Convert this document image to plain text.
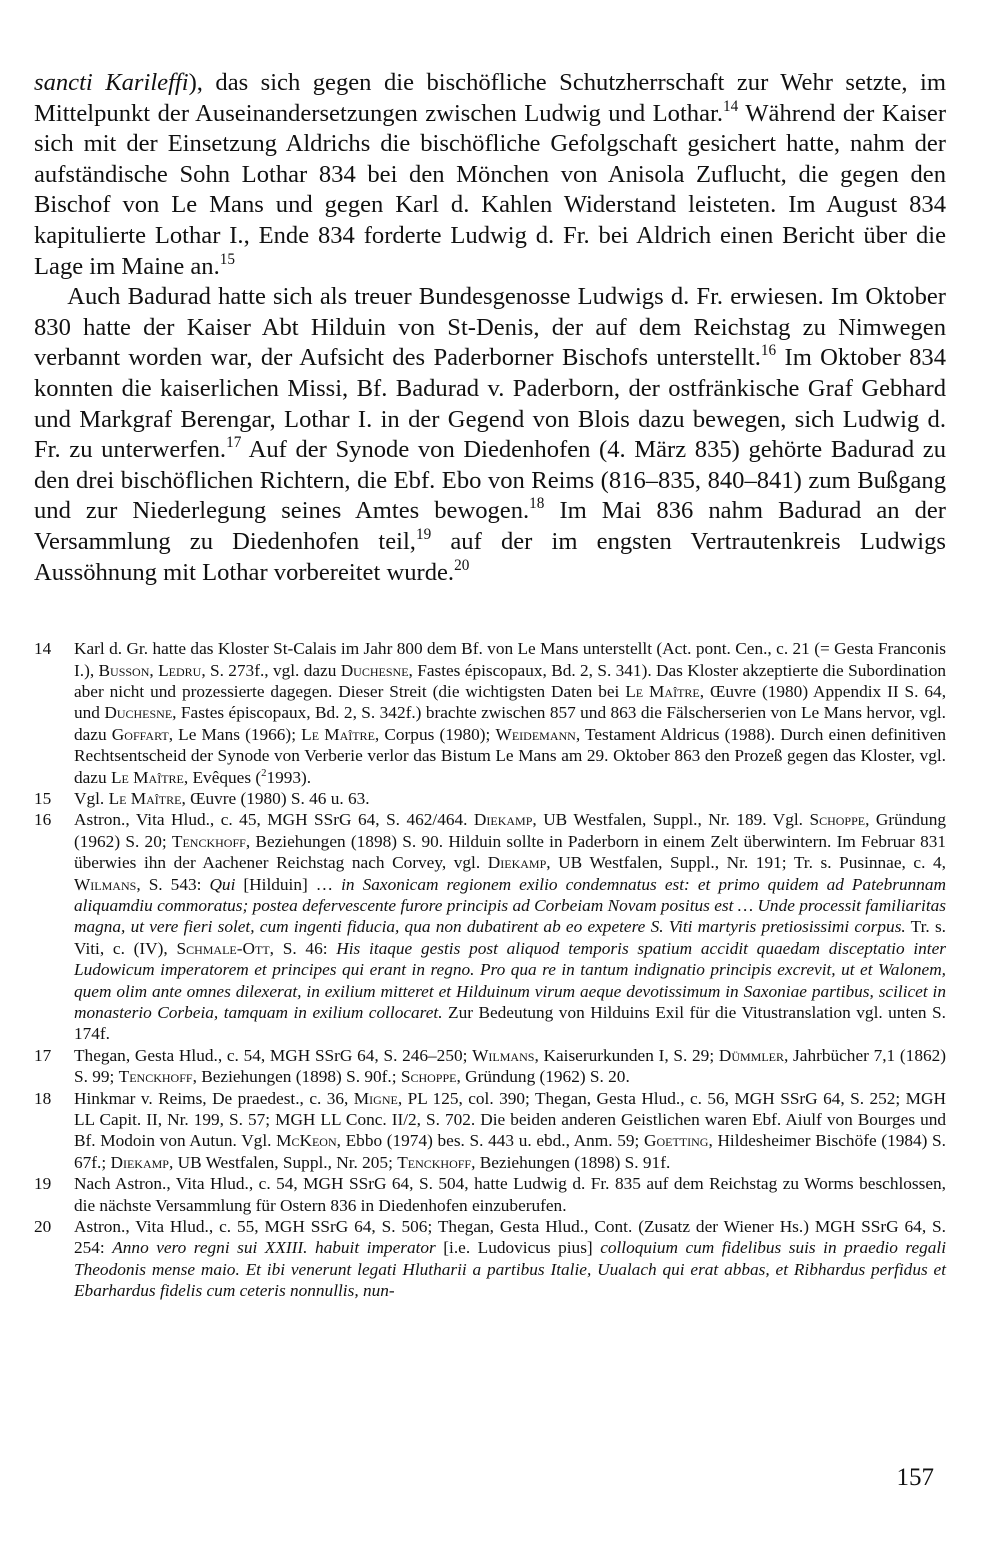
sancti Karileffi), das sich gegen die bischöfliche Schutzherrschaft zur Wehr setzte, im Mittelpunkt der Auseinandersetzungen zwischen Ludwig und Lothar.$^{14}$ Während der Kaiser sich mit der Einsetzung Aldrichs die bischöfliche Gefolgschaft gesichert hatte, nahm der aufständische Sohn Lothar 834 bei den Mönchen von Anisola Zuflucht, die gegen den Bischof von Le Mans und gegen Karl d. Kahlen Widerstand leisteten. Im August 834 kapitulierte Lothar I., Ende 834 forderte Ludwig d. Fr. bei Aldrich einen Bericht über die Lage im Maine an.$^{15}$

Auch Badurad hatte sich als treuer Bundesgenosse Ludwigs d. Fr. erwiesen. Im Oktober 830 hatte der Kaiser Abt Hilduin von St-Denis, der auf dem Reichstag zu Nimwegen verbannt worden war, der Aufsicht des Paderborner Bischofs unterstellt.$^{16}$ Im Oktober 834 konnten die kaiserlichen Missi, Bf. Badurad v. Paderborn, der ostfränkische Graf Gebhard und Markgraf Berengar, Lothar I. in der Gegend von Blois dazu bewegen, sich Ludwig d. Fr. zu unterwerfen.$^{17}$ Auf der Synode von Diedenhofen (4. März 835) gehörte Badurad zu den drei bischöflichen Richtern, die Ebf. Ebo von Reims (816–835, 840–841) zum Bußgang und zur Niederlegung seines Amtes bewogen.$^{18}$ Im Mai 836 nahm Badurad an der Versammlung zu Diedenhofen teil,$^{19}$ auf der im engsten Vertrautenkreis Ludwigs Aussöhnung mit Lothar vorbereitet wurde.$^{20}$

14 Karl d. Gr. hatte das Kloster St-Calais im Jahr 800 dem Bf. von Le Mans unterstellt (Act. pont. Cen., c. 21 (= Gesta Franconis I.), Busson, Ledru, S. 273f., vgl. dazu Duchesne, Fastes épiscopaux, Bd. 2, S. 341). Das Kloster akzeptierte die Subordination aber nicht und prozessierte dagegen. Dieser Streit (die wichtigsten Daten bei Le Maître, Œuvre (1980) Appendix II S. 64, und Duchesne, Fastes épiscopaux, Bd. 2, S. 342f.) brachte zwischen 857 und 863 die Fälscherserien von Le Mans hervor, vgl. dazu Goffart, Le Mans (1966); Le Maître, Corpus (1980); Weidemann, Testament Aldricus (1988). Durch einen definitiven Rechtsentscheid der Synode von Verberie verlor das Bistum Le Mans am 29. Oktober 863 den Prozeß gegen das Kloster, vgl. dazu Le Maître, Evêques ($^2$1993).
15 Vgl. Le Maître, Œuvre (1980) S. 46 u. 63.
16 Astron., Vita Hlud., c. 45, MGH SSrG 64, S. 462/464. Diekamp, UB Westfalen, Suppl., Nr. 189. Vgl. Schoppe, Gründung (1962) S. 20; Tenckhoff, Beziehungen (1898) S. 90. Hilduin sollte in Paderborn in einem Zelt überwintern. Im Februar 831 überwies ihn der Aachener Reichstag nach Corvey, vgl. Diekamp, UB Westfalen, Suppl., Nr. 191; Tr. s. Pusinnae, c. 4, Wilmans, S. 543: Qui [Hilduin] … in Saxonicam regionem exilio condemnatus est: et primo quidem ad Patebrunnam aliquamdiu commoratus; postea defervescente furore principis ad Corbeiam Novam positus est … Unde processit familiaritas magna, ut vere fieri solet, cum ingenti fiducia, qua non dubatirent ab eo expetere S. Viti martyris pretiosissimi corpus. Tr. s. Viti, c. (IV), Schmale-Ott, S. 46: His itaque gestis post aliquod temporis spatium accidit quaedam disceptatio inter Ludowicum imperatorem et principes qui erant in regno. Pro qua re in tantum indignatio principis excrevit, ut et Walonem, quem olim ante omnes dilexerat, in exilium mitteret et Hilduinum virum aeque devotissimum in Saxoniae partibus, scilicet in monasterio Corbeia, tamquam in exilium collocaret. Zur Bedeutung von Hilduins Exil für die Vitustranslation vgl. unten S. 174f.
17 Thegan, Gesta Hlud., c. 54, MGH SSrG 64, S. 246–250; Wilmans, Kaiserurkunden I, S. 29; Dümmler, Jahrbücher 7,1 (1862) S. 99; Tenckhoff, Beziehungen (1898) S. 90f.; Schoppe, Gründung (1962) S. 20.
18 Hinkmar v. Reims, De praedest., c. 36, Migne, PL 125, col. 390; Thegan, Gesta Hlud., c. 56, MGH SSrG 64, S. 252; MGH LL Capit. II, Nr. 199, S. 57; MGH LL Conc. II/2, S. 702. Die beiden anderen Geistlichen waren Ebf. Aiulf von Bourges und Bf. Modoin von Autun. Vgl. McKeon, Ebbo (1974) bes. S. 443 u. ebd., Anm. 59; Goetting, Hildesheimer Bischöfe (1984) S. 67f.; Diekamp, UB Westfalen, Suppl., Nr. 205; Tenckhoff, Beziehungen (1898) S. 91f.
19 Nach Astron., Vita Hlud., c. 54, MGH SSrG 64, S. 504, hatte Ludwig d. Fr. 835 auf dem Reichstag zu Worms beschlossen, die nächste Versammlung für Ostern 836 in Diedenhofen einzuberufen.
20 Astron., Vita Hlud., c. 55, MGH SSrG 64, S. 506; Thegan, Gesta Hlud., Cont. (Zusatz der Wiener Hs.) MGH SSrG 64, S. 254: Anno vero regni sui XXIII. habuit imperator [i.e. Ludovicus pius] colloquium cum fidelibus suis in praedio regali Theodonis mense maio. Et ibi venerunt legati Hlutharii a partibus Italie, Uualach qui erat abbas, et Ribhardus perfidus et Ebarhardus fidelis cum ceteris nonnullis, nun-
157
